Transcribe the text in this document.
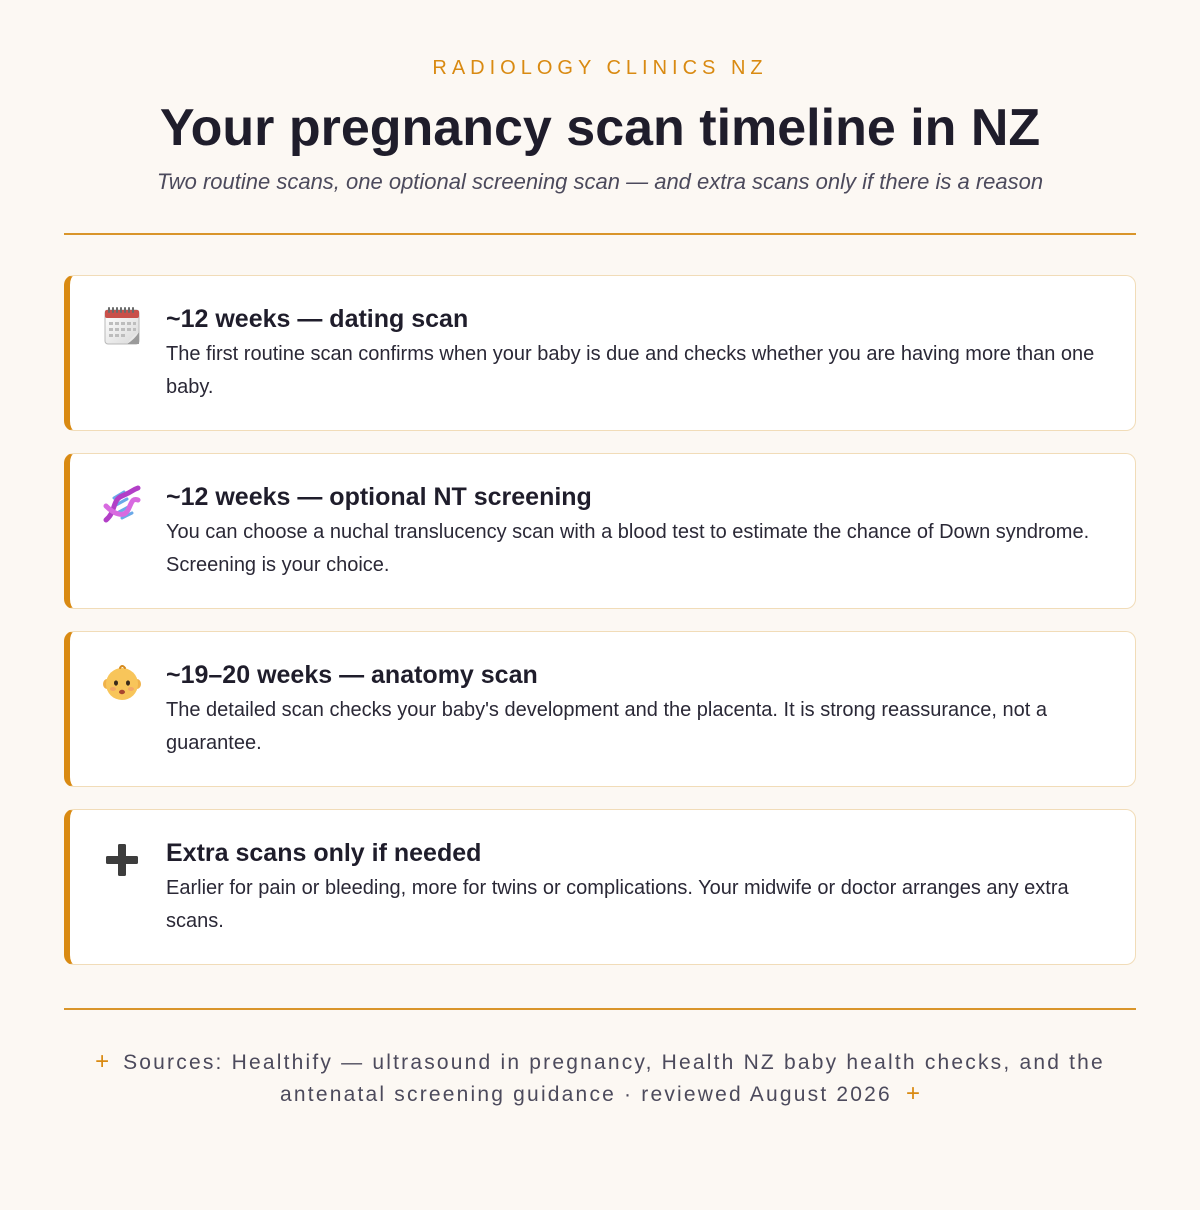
RADIOLOGY CLINICS NZ
Your pregnancy scan timeline in NZ
Two routine scans, one optional screening scan — and extra scans only if there is a reason
~12 weeks — dating scan
The first routine scan confirms when your baby is due and checks whether you are having more than one baby.
~12 weeks — optional NT screening
You can choose a nuchal translucency scan with a blood test to estimate the chance of Down syndrome. Screening is your choice.
~19–20 weeks — anatomy scan
The detailed scan checks your baby's development and the placenta. It is strong reassurance, not a guarantee.
Extra scans only if needed
Earlier for pain or bleeding, more for twins or complications. Your midwife or doctor arranges any extra scans.
+ Sources: Healthify — ultrasound in pregnancy, Health NZ baby health checks, and the antenatal screening guidance · reviewed August 2026 +
